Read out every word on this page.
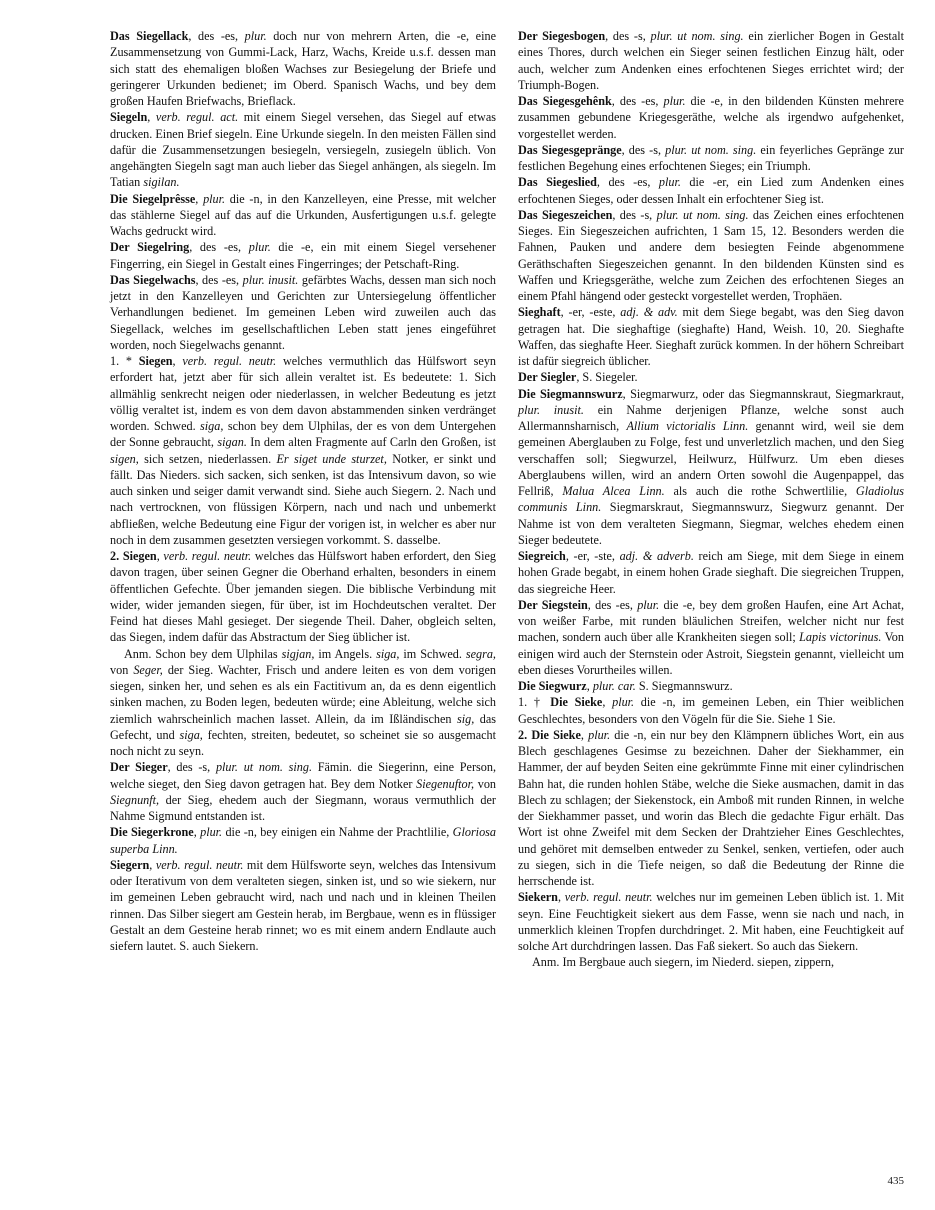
Das Siegellack, des -es, plur. doch nur von mehrern Arten, die -e, eine Zusammensetzung von Gummi-Lack, Harz, Wachs, Kreide u.s.f. dessen man sich statt des ehemaligen bloßen Wachses zur Besiegelung der Briefe und geringerer Urkunden bedienet; im Oberd. Spanisch Wachs, und bey dem großen Haufen Briefwachs, Brieflack.

Siegeln, verb. regul. act. mit einem Siegel versehen, das Siegel auf etwas drucken. Einen Brief siegeln. Eine Urkunde siegeln. In den meisten Fällen sind dafür die Zusammensetzungen besiegeln, versiegeln, zusiegeln üblich. Von angehängten Siegeln sagt man auch lieber das Siegel anhängen, als siegeln. Im Tatian sigilan.

Die Siegelprêsse, plur. die -n, in den Kanzelleyen, eine Presse, mit welcher das stählerne Siegel auf das auf die Urkunden, Ausfertigungen u.s.f. gelegte Wachs gedruckt wird.

Der Siegelring, des -es, plur. die -e, ein mit einem Siegel versehener Fingerring, ein Siegel in Gestalt eines Fingerringes; der Petschaft-Ring.

Das Siegelwachs, des -es, plur. inusit. gefärbtes Wachs, dessen man sich noch jetzt in den Kanzelleyen und Gerichten zur Untersiegelung öffentlicher Verhandlungen bedienet. Im gemeinen Leben wird zuweilen auch das Siegellack, welches im gesellschaftlichen Leben statt jenes eingeführet worden, noch Siegelwachs genannt.

1. * Siegen, verb. regul. neutr. welches vermuthlich das Hülfswort seyn erfordert hat, jetzt aber für sich allein veraltet ist. Es bedeutete: 1. Sich allmählig senkrecht neigen oder niederlassen, in welcher Bedeutung es jetzt völlig veraltet ist, indem es von dem davon abstammenden sinken verdränget worden. Schwed. siga, schon bey dem Ulphilas, der es von dem Untergehen der Sonne gebraucht, sigan. In dem alten Fragmente auf Carln den Großen, ist sigen, sich setzen, niederlassen. Er siget unde sturzet, Notker, er sinkt und fällt. Das Nieders. sich sacken, sich senken, ist das Intensivum davon, so wie auch sinken und seiger damit verwandt sind. Siehe auch Siegern. 2. Nach und nach vertrocknen, von flüssigen Körpern, nach und nach und unbemerkt abfließen, welche Bedeutung eine Figur der vorigen ist, in welcher es aber nur noch in dem zusammen gesetzten versiegen vorkommt. S. dasselbe.

2. Siegen, verb. regul. neutr. welches das Hülfswort haben erfordert, den Sieg davon tragen, über seinen Gegner die Oberhand erhalten, besonders in einem öffentlichen Gefechte. Über jemanden siegen. Die biblische Verbindung mit wider, wider jemanden siegen, für über, ist im Hochdeutschen veraltet. Der Feind hat dieses Mahl gesieget. Der siegende Theil. Daher, obgleich selten, das Siegen, indem dafür das Abstractum der Sieg üblicher ist.

Anm. Schon bey dem Ulphilas sigjan, im Angels. siga, im Schwed. segra, von Seger, der Sieg. Wachter, Frisch und andere leiten es von dem vorigen siegen, sinken her, und sehen es als ein Factitivum an, da es denn eigentlich sinken machen, zu Boden legen, bedeuten würde; eine Ableitung, welche sich ziemlich wahrscheinlich machen lasset. Allein, da im Ißländischen sig, das Gefecht, und siga, fechten, streiten, bedeutet, so scheinet sie so ausgemacht noch nicht zu seyn.

Der Sieger, des -s, plur. ut nom. sing. Fämin. die Siegerinn, eine Person, welche sieget, den Sieg davon getragen hat. Bey dem Notker Siegenuftor, von Siegnunft, der Sieg, ehedem auch der Siegmann, woraus vermuthlich der Nahme Sigmund entstanden ist.

Die Siegerkrone, plur. die -n, bey einigen ein Nahme der Prachtlilie, Gloriosa superba Linn.

Siegern, verb. regul. neutr. mit dem Hülfsworte seyn, welches das Intensivum oder Iterativum von dem veralteten siegen, sinken ist, und so wie siekern, nur im gemeinen Leben gebraucht wird, nach und nach und in kleinen Theilen rinnen. Das Silber siegert am Gestein herab, im Bergbaue, wenn es in flüssiger Gestalt an dem Gesteine herab rinnet; wo es mit einem andern Endlaute auch siefern lautet. S. auch Siekern.

Der Siegesbogen, des -s, plur. ut nom. sing. ein zierlicher Bogen in Gestalt eines Thores, durch welchen ein Sieger seinen festlichen Einzug hält, oder auch, welcher zum Andenken eines erfochtenen Sieges errichtet wird; der Triumph-Bogen.

Das Siegesgehênk, des -es, plur. die -e, in den bildenden Künsten mehrere zusammen gebundene Kriegesgeräthe, welche als irgendwo aufgehenket, vorgestellet werden.

Das Siegesgepränge, des -s, plur. ut nom. sing. ein feyerliches Gepränge zur festlichen Begehung eines erfochtenen Sieges; ein Triumph.

Das Siegeslied, des -es, plur. die -er, ein Lied zum Andenken eines erfochtenen Sieges, oder dessen Inhalt ein erfochtener Sieg ist.

Das Siegeszeichen, des -s, plur. ut nom. sing. das Zeichen eines erfochtenen Sieges. Ein Siegeszeichen aufrichten, 1 Sam 15, 12. Besonders werden die Fahnen, Pauken und andere dem besiegten Feinde abgenommene Geräthschaften Siegeszeichen genannt. In den bildenden Künsten sind es Waffen und Kriegsgeräthe, welche zum Zeichen des erfochtenen Sieges an einem Pfahl hängend oder gesteckt vorgestellet werden, Trophäen.

Sieghaft, -er, -este, adj. & adv. mit dem Siege begabt, was den Sieg davon getragen hat. Die sieghaftige (sieghafte) Hand, Weish. 10, 20. Sieghafte Waffen, das sieghafte Heer. Sieghaft zurück kommen. In der höhern Schreibart ist dafür siegreich üblicher.

Der Siegler, S. Siegeler.

Die Siegmannswurz, Siegmarwurz, oder das Siegmannskraut, Siegmarkraut, plur. inusit. ein Nahme derjenigen Pflanze, welche sonst auch Allermannsharnisch, Allium victorialis Linn. genannt wird, weil sie dem gemeinen Aberglauben zu Folge, fest und unverletzlich machen, und den Sieg verschaffen soll; Siegwurzel, Heilwurz, Hülfwurz. Um eben dieses Aberglaubens willen, wird an andern Orten sowohl die Augenpappel, das Fellriß, Malua Alcea Linn. als auch die rothe Schwertlilie, Gladiolus communis Linn. Siegmarskraut, Siegmannswurz, Siegwurz genannt. Der Nahme ist von dem veralteten Siegmann, Siegmar, welches ehedem einen Sieger bedeutete.

Siegreich, -er, -ste, adj. & adverb. reich am Siege, mit dem Siege in einem hohen Grade begabt, in einem hohen Grade sieghaft. Die siegreichen Truppen, das siegreiche Heer.

Der Siegstein, des -es, plur. die -e, bey dem großen Haufen, eine Art Achat, von weißer Farbe, mit runden bläulichen Streifen, welcher nicht nur fest machen, sondern auch über alle Krankheiten siegen soll; Lapis victorinus. Von einigen wird auch der Sternstein oder Astroit, Siegstein genannt, vielleicht um eben dieses Vorurtheiles willen.

Die Siegwurz, plur. car. S. Siegmannswurz.

1. † Die Sieke, plur. die -n, im gemeinen Leben, ein Thier weiblichen Geschlechtes, besonders von den Vögeln für die Sie. Siehe 1 Sie.

2. Die Sieke, plur. die -n, ein nur bey den Klämpnern übliches Wort, ein aus Blech geschlagenes Gesimse zu bezeichnen. Daher der Siekhammer, ein Hammer, der auf beyden Seiten eine gekrümmte Finne mit einer cylindrischen Bahn hat, die runden hohlen Stäbe, welche die Sieke ausmachen, damit in das Blech zu schlagen; der Siekenstock, ein Amboß mit runden Rinnen, in welche der Siekhammer passet, und worin das Blech die gedachte Figur erhält. Das Wort ist ohne Zweifel mit dem Secken der Drahtzieher Eines Geschlechtes, und gehöret mit demselben entweder zu Senkel, senken, vertiefen, oder auch zu siegen, sich in die Tiefe neigen, so daß die Bedeutung der Rinne die herrschende ist.

Siekern, verb. regul. neutr. welches nur im gemeinen Leben üblich ist. 1. Mit seyn. Eine Feuchtigkeit siekert aus dem Fasse, wenn sie nach und nach, in unmerklich kleinen Tropfen durchdringet. 2. Mit haben, eine Feuchtigkeit auf solche Art durchdringen lassen. Das Faß siekert. So auch das Siekern.

Anm. Im Bergbaue auch siegern, im Niederd. siepen, zippern,

435
